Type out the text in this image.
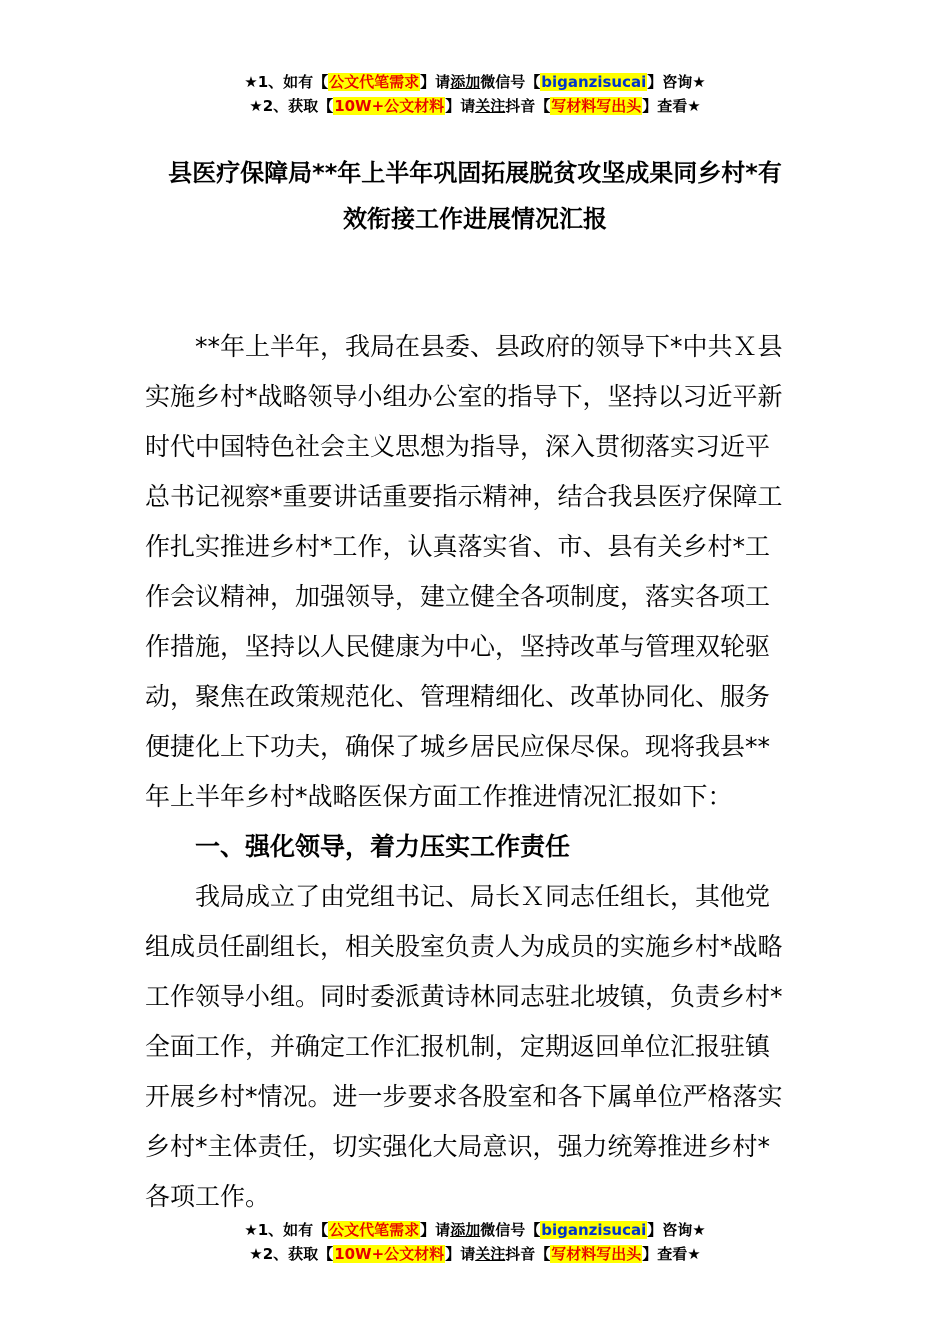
★1、如有【公文代笔需求】请添加微信号【biganzisucai】咨询★
★2、获取【10W+公文材料】请关注抖音【写材料写出头】查看★
县医疗保障局**年上半年巩固拓展脱贫攻坚成果同乡村*有
效衔接工作进展情况汇报
**年上半年，我局在县委、县政府的领导下*中共Ｘ县
实施乡村*战略领导小组办公室的指导下，坚持以习近平新
时代中国特色社会主义思想为指导，深入贯彻落实习近平
总书记视察*重要讲话重要指示精神，结合我县医疗保障工
作扎实推进乡村*工作，认真落实省、市、县有关乡村*工
作会议精神，加强领导，建立健全各项制度，落实各项工
作措施，坚持以人民健康为中心，坚持改革与管理双轮驱
动，聚焦在政策规范化、管理精细化、改革协同化、服务
便捷化上下功夫，确保了城乡居民应保尽保。现将我县**
年上半年乡村*战略医保方面工作推进情况汇报如下：
一、强化领导，着力压实工作责任
我局成立了由党组书记、局长Ｘ同志任组长，其他党
组成员任副组长，相关股室负责人为成员的实施乡村*战略
工作领导小组。同时委派黄诗林同志驻北坡镇，负责乡村*
全面工作，并确定工作汇报机制，定期返回单位汇报驻镇
开展乡村*情况。进一步要求各股室和各下属单位严格落实
乡村*主体责任，切实强化大局意识，强力统筹推进乡村*
各项工作。
★1、如有【公文代笔需求】请添加微信号【biganzisucai】咨询★
★2、获取【10W+公文材料】请关注抖音【写材料写出头】查看★
